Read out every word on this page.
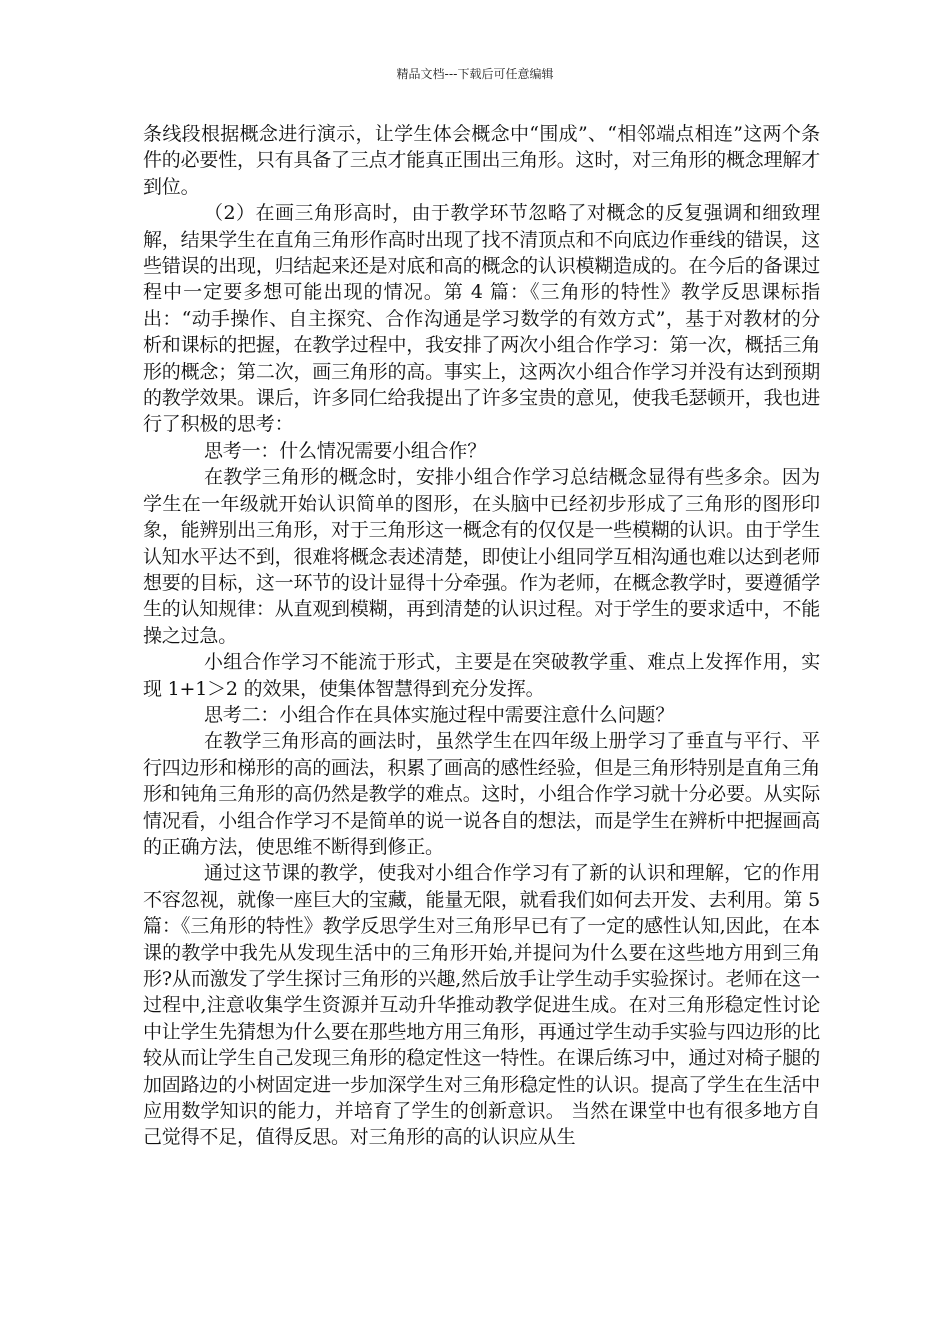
精品文档---下载后可任意编辑

条线段根据概念进行演示，让学生体会概念中“围成”、“相邻端点相连”这两个条件的必要性，只有具备了三点才能真正围出三角形。这时，对三角形的概念理解才到位。

（2）在画三角形高时，由于教学环节忽略了对概念的反复强调和细致理解，结果学生在直角三角形作高时出现了找不清顶点和不向底边作垂线的错误，这些错误的出现，归结起来还是对底和高的概念的认识模糊造成的。在今后的备课过程中一定要多想可能出现的情况。第 4 篇：《三角形的特性》教学反思课标指出：“动手操作、自主探究、合作沟通是学习数学的有效方式”，基于对教材的分析和课标的把握，在教学过程中，我安排了两次小组合作学习：第一次，概括三角形的概念；第二次，画三角形的高。事实上，这两次小组合作学习并没有达到预期的教学效果。课后，许多同仁给我提出了许多宝贵的意见，使我毛瑟顿开，我也进行了积极的思考：

思考一：什么情况需要小组合作？

在教学三角形的概念时，安排小组合作学习总结概念显得有些多余。因为学生在一年级就开始认识简单的图形，在头脑中已经初步形成了三角形的图形印象，能辨别出三角形，对于三角形这一概念有的仅仅是一些模糊的认识。由于学生认知水平达不到，很难将概念表述清楚，即使让小组同学互相沟通也难以达到老师想要的目标，这一环节的设计显得十分牵强。作为老师，在概念教学时，要遵循学生的认知规律：从直观到模糊，再到清楚的认识过程。对于学生的要求适中，不能操之过急。

小组合作学习不能流于形式，主要是在突破教学重、难点上发挥作用，实现 1+1＞2 的效果，使集体智慧得到充分发挥。

思考二：小组合作在具体实施过程中需要注意什么问题？

在教学三角形高的画法时，虽然学生在四年级上册学习了垂直与平行、平行四边形和梯形的高的画法，积累了画高的感性经验，但是三角形特别是直角三角形和钝角三角形的高仍然是教学的难点。这时，小组合作学习就十分必要。从实际情况看，小组合作学习不是简单的说一说各自的想法，而是学生在辨析中把握画高的正确方法，使思维不断得到修正。

通过这节课的教学，使我对小组合作学习有了新的认识和理解，它的作用不容忽视，就像一座巨大的宝藏，能量无限，就看我们如何去开发、去利用。第 5 篇：《三角形的特性》教学反思学生对三角形早已有了一定的感性认知,因此，在本课的教学中我先从发现生活中的三角形开始,并提问为什么要在这些地方用到三角形?从而激发了学生探讨三角形的兴趣,然后放手让学生动手实验探讨。老师在这一过程中,注意收集学生资源并互动升华推动教学促进生成。在对三角形稳定性讨论中让学生先猜想为什么要在那些地方用三角形，再通过学生动手实验与四边形的比较从而让学生自己发现三角形的稳定性这一特性。在课后练习中，通过对椅子腿的加固路边的小树固定进一步加深学生对三角形稳定性的认识。提高了学生在生活中应用数学知识的能力，并培育了学生的创新意识。 当然在课堂中也有很多地方自己觉得不足，值得反思。对三角形的高的认识应从生
